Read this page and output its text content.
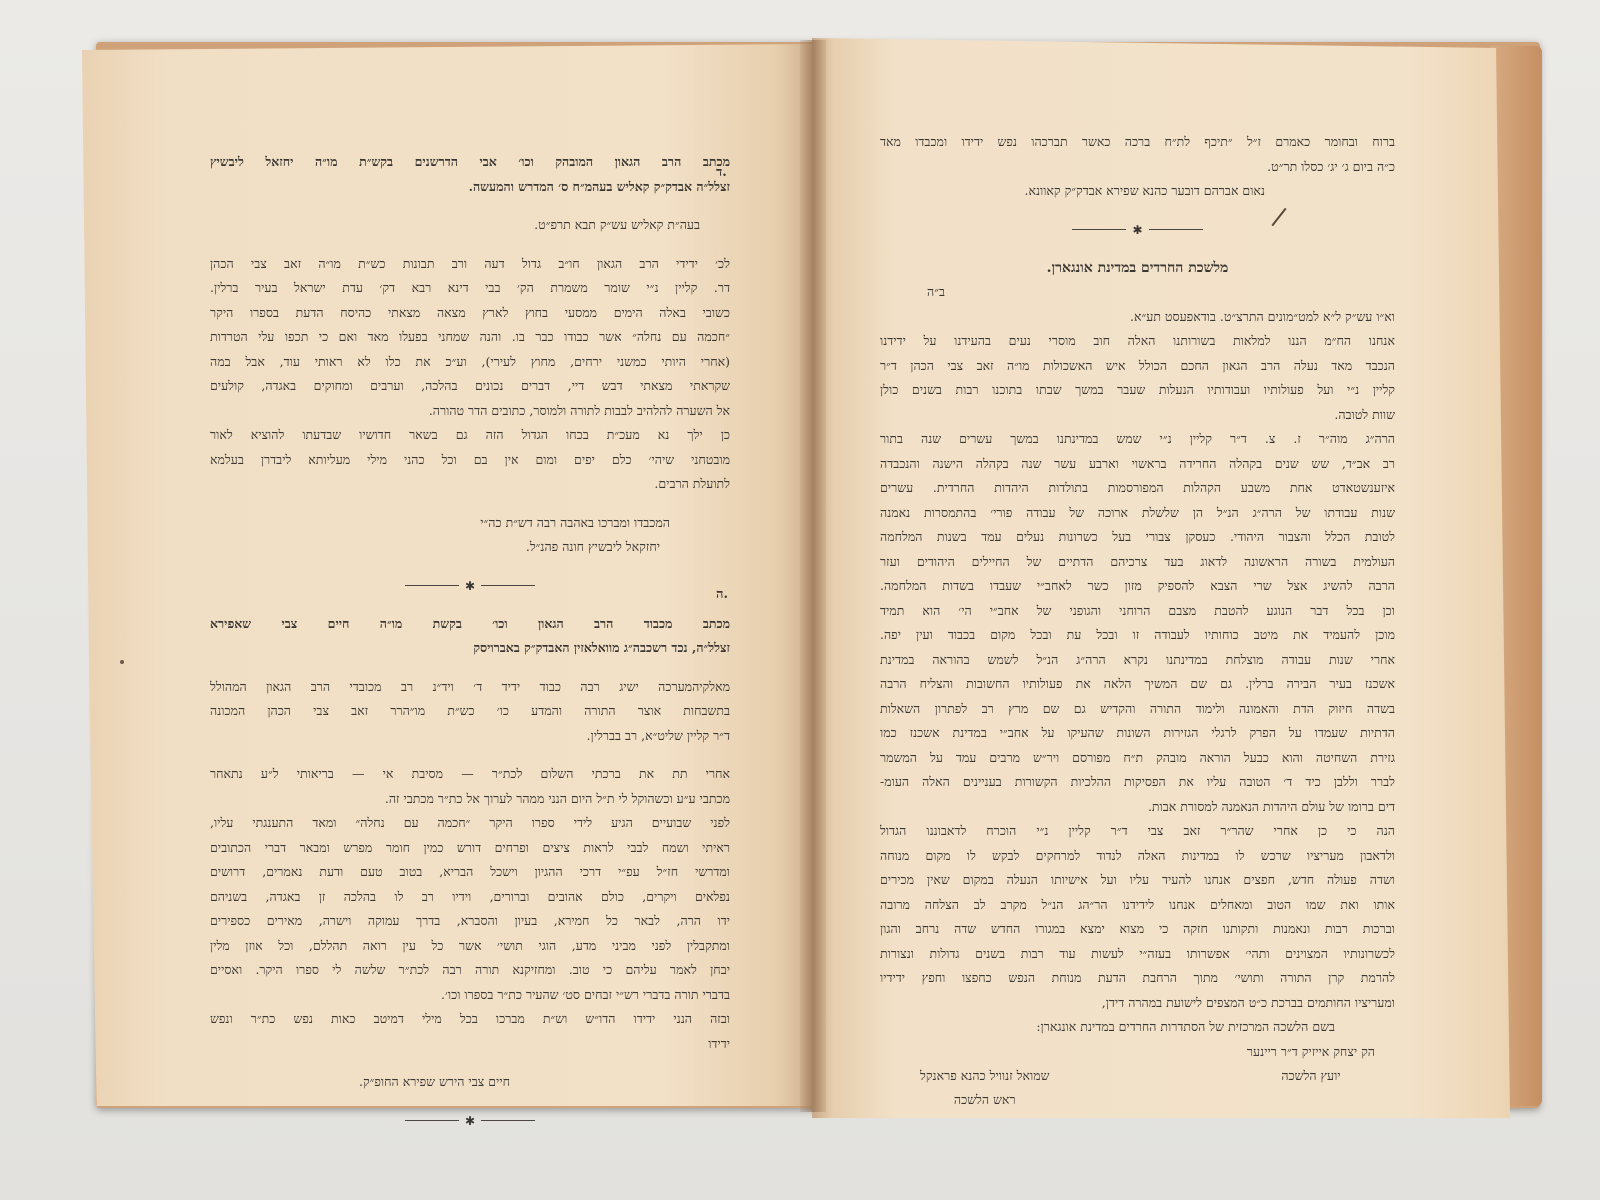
ד.
ה.
מכתב הרב הגאון המובהק וכו׳ אבי הדרשנים בקש״ת מו״ה יחזאל ליבשיץ
זצלל״ה אבדק״ק קאליש בעהמ״ח ס׳ המדרש והמעשה.
בעה״ת קאליש עש״ק תבא תרפ״ט.
לכ׳ ידידי הרב הגאון חו״ב גדול דעה ורב תבונות כש״ת מו״ה זאב צבי הכהן
דר. קליין נ״י שומר משמרת הק׳ בבי דינא רבא דק׳ עדת ישראל בעיר ברלין.
כשובי באלה הימים ממסעי בחוץ לארץ מצאה מצאתי כהיסח הדעת בספרו היקר
״חכמה עם נחלה״ אשר כבודו כבר בו. והנה שמחני בפעלו מאד ואם כי תכפו עלי הטרדות
(אחרי היותי כמשני ירחים, מחוץ לעירי), וע״כ את כלו לא ראותי עוד, אבל במה
שקראתי מצאתי דבש דיי, דברים נכונים בהלכה, וערבים ומחוקים באגדה, קולעים
אל השערה להלהיב לבבות לתורה ולמוסר, כתובים הדר טהורה.
כן ילך נא מעכ״ת בכחו הגדול הזה גם בשאר חדושיו שבדעתו להוציא לאור
מובטחני שיהי׳ כלם יפים ומום אין בם וכל כהני מילי מעליותא ליבדרן בעלמא
לתועלת הרבים.
המכבדו ומברכו באהבה רבה דש״ת כה״י
יחזקאל ליבשיץ חונה פהנ״ל.
✱
מכתב מכבוד הרב הגאון וכו׳ בקשת מו״ה חיים צבי שאפירא
זצלל״ה, נכד רשכבה״ג מוואלאזין האבדק״ק באברויסק
מאלקיהמערכה ישיג רבה כבוד ידיד ד׳ ויד״נ רב מכובדי הרב הגאון המהולל
בתשבחות אוצר התורה והמדע כו׳ כש״ת מו״הרר זאב צבי הכהן המכונה
ד״ר קליין שליט״א, רב בברלין.
אחרי תת את ברכתי השלום לכת״ר — מסיבת אי — בריאותי ל״ע נתאחר
מכתבי ע״ע וכשהוקל לי ת״ל היום הנני ממהר לערוך אל כת״ר מכתבי זה.
לפני שבועיים הגיע לידי ספרו היקר ״חכמה עם נחלה״ ומאד התענגתי עליו,
ראיתי ושמח לבבי לראות ציצים ופרחים דורש כמין חומר מפרש ומבאר דברי הכתובים
ומדרשי חז״ל עפ״י דרכי ההגיון וישכל הבריא, בטוב טעם ודעת נאמרים, דרושים
נפלאים ויקרים, כולם אהובים וברורים, וידיו רב לו בהלכה זן באגדה, בשניהם
ידו הרה, לבאר כל חמירא, בעיון והסברא, בדרך עמוקה וישרה, מאירים כספירים
ומתקבלין לפני מביני מדע, הוגי תושי׳ אשר כל עין רואה תהללם, וכל אוזן מלין
יבחן לאמר עליהם כי טוב. ומחזיקנא תורה רבה לכת״ר שלשה לי ספרו היקר. ואסיים
בדברי תורה בדברי רש״י זבחים סט׳ שהעיר כת״ר בספרו וכו׳.
ובזה הנני ידידו הדו״ש וש״ת מברכו בכל מילי דמיטב כאות נפש כת״ר ונפש
ידידו
חיים צבי הירש שפירא החופ״ק.
✱
ברוח ובחומר כאמרם ז״ל ״תיכף לת״ח ברכה כאשר תברכהו נפש ידידו ומכבדו מאד
כ״ה ביום ג׳ יג׳ כסלו תר״ט.
נאום אברהם דובער כהנא שפירא אבדק״ק קאוונא.
✱
מלשכת החרדים במדינת אונגארן.
ב״ה
וא״ו עש״ק ל״א למט״מונים התרצ״ט. בודאפעסט תע״א.
אנחנו הח״מ הננו למלאות בשורותנו האלה חוב מוסרי נעים בהעידנו על ידידנו
הנכבד מאד נעלה הרב הגאון החכם הכולל איש האשכולות מו״ה זאב צבי הכהן ד״ר
קליין נ״י ועל פעולותיו ועבודותיו הנעלות שעבר במשך שבתו בתוכנו רבות בשנים כולן
שוות לטובה.
הרה״ג מוה״ר ז. צ. ד״ר קליין נ״י שמש במדינתנו במשך עשרים שנה בתור
רב אב״ד, שש שנים בקהלה החרידה בראשוי וארבע עשר שנה בקהלה הישנה והנכבדה
איזענשטאדט אחת משבע הקהלות המפורסמות בתולדות היהדות החרדית. עשרים
שנות עבודתו של הרה״ג הנ״ל הן שלשלת ארוכה של עבודה פורי׳ בהתמסרות נאמנה
לטובת הכלל והצבור היהודי. כעסקן צבורי בעל כשרונות נעלים עמד בשנות המלחמה
העולמית בשורה הראשונה לדאוג בעד צרכיהם הדתיים של החיילים היהודים ועזר
הרבה להשיג אצל שרי הצבא להספיק מזון כשר לאחב״י שעבדו בשדות המלחמה.
וכן בכל דבר הנוגע להטבת מצבם הרוחני והגופני של אחב״י הי׳ הוא תמיד
מוכן להעמיד את מיטב כוחותיו לעבודה זו ובכל עת ובכל מקום בכבוד ועין יפה.
אחרי שנות עבודה מוצלחת במדינתנו נקרא הרה״ג הנ״ל לשמש בהוראה במדינת
אשכנז בעיר הבירה ברלין. גם שם המשיך הלאה את פעולותיו החשובות והצליח הרבה
בשדה חיזוק הדת והאמונה ולימוד התורה והקדיש גם שם מרץ רב לפתרון השאלות
הדתיות שעמדו על הפרק לרגלי הגזירות השונות שהעיקו על אחב״י במדינת אשכנז כמו
גזירת השחיטה והוא כבעל הוראה מובהק ת״ח מפורסם ויר״ש מרבים עמד על המשמר
לברר וללבן כיד ד׳ הטובה עליו את הפסיקות ההלכיות הקשורות בעניינים האלה העומ-
דים ברומו של עולם היהדות הנאמנה למסורת אבות.
הנה כי כן אחרי שהר״ר זאב צבי ד״ר קליין נ״י הוכרח לדאבוננו הגדול
ולדאבון מעריציו שרכש לו במדינות האלה לנדוד למרחקים לבקש לו מקום מנוחה
ושדה פעולה חדש, חפצים אנחנו להעיד עליו ועל אישיותו הנעלה במקום שאין מכירים
אותו ואת שמו הטוב ומאחלים אנחנו לידידנו הר״הג הנ״ל מקרב לב הצלחה מרובה
וברכות רבות ונאמנות ותקותנו חזקה כי מצוא ימצא במגורו החדש שדה נרחב והגון
לכשרונותיו המצוינים ותהי׳ אפשרותו בעזה״י לעשות עוד רבות בשנים גדולות ונצורות
להרמת קרן התורה ותושי׳ מתוך הרחבת הדעת מנוחת הנפש כחפצו וחפץ ידידיו
ומעריציו החותמים בברכת כ״ט המצפים לישועת במהרה דידן,
בשם הלשכה המרכזית של הסתדרות החרדים במדינת אונגארן:
הק יצחק אייזיק ד״ר ריינער
יועץ הלשכה
שמואל זנוויל כהנא פראנקל
ראש הלשכה
